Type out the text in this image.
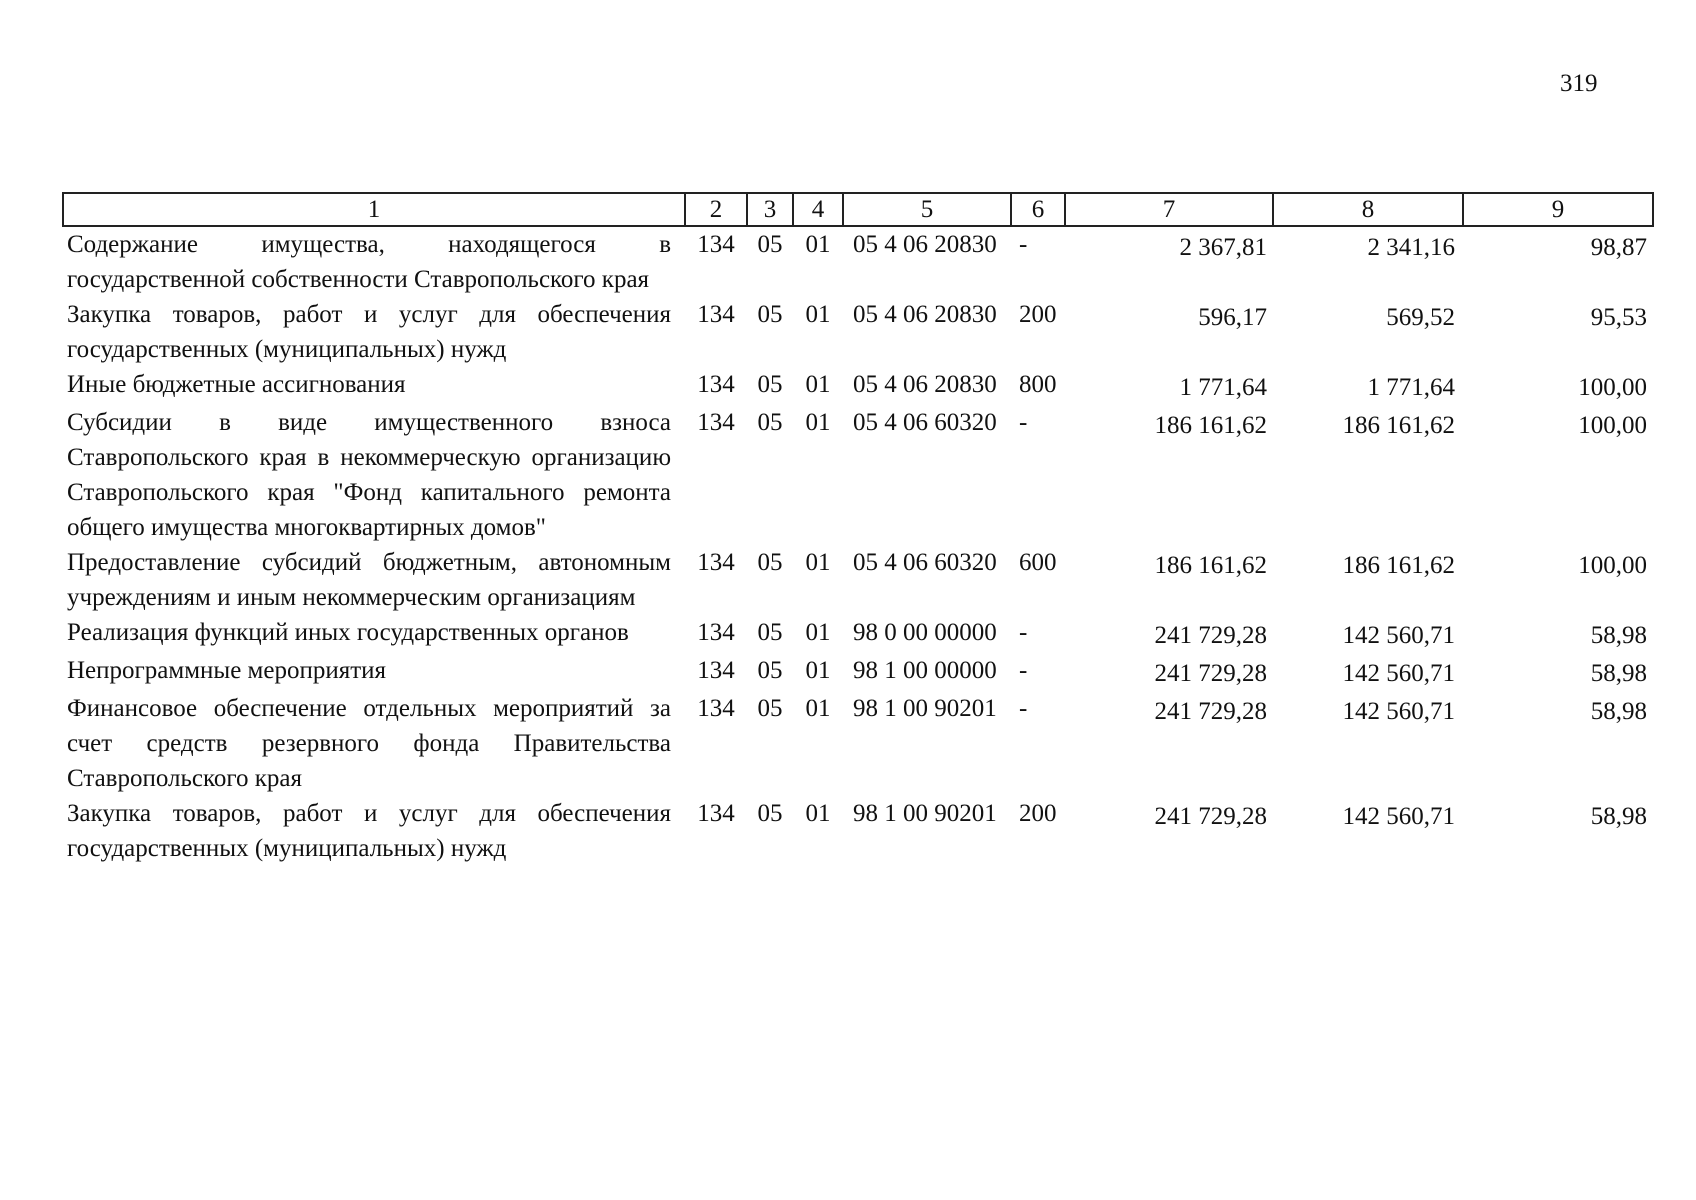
319
1	2	3	4	5	6	7	8	9
Содержание имущества, находящегося в государственной собственности Ставропольского края	134	05	01	05 4 06 20830	-	2 367,81	2 341,16	98,87
Закупка товаров, работ и услуг для обеспечения государственных (муниципальных) нужд	134	05	01	05 4 06 20830	200	596,17	569,52	95,53
Иные бюджетные ассигнования	134	05	01	05 4 06 20830	800	1 771,64	1 771,64	100,00
Субсидии в виде имущественного взноса Ставропольского края в некоммерческую организацию Ставропольского края "Фонд капитального ремонта общего имущества многоквартирных домов"	134	05	01	05 4 06 60320	-	186 161,62	186 161,62	100,00
Предоставление субсидий бюджетным, автономным учреждениям и иным некоммерческим организациям	134	05	01	05 4 06 60320	600	186 161,62	186 161,62	100,00
Реализация функций иных государственных органов	134	05	01	98 0 00 00000	-	241 729,28	142 560,71	58,98
Непрограммные мероприятия	134	05	01	98 1 00 00000	-	241 729,28	142 560,71	58,98
Финансовое обеспечение отдельных мероприятий за счет средств резервного фонда Правительства Ставропольского края	134	05	01	98 1 00 90201	-	241 729,28	142 560,71	58,98
Закупка товаров, работ и услуг для обеспечения государственных (муниципальных) нужд	134	05	01	98 1 00 90201	200	241 729,28	142 560,71	58,98
